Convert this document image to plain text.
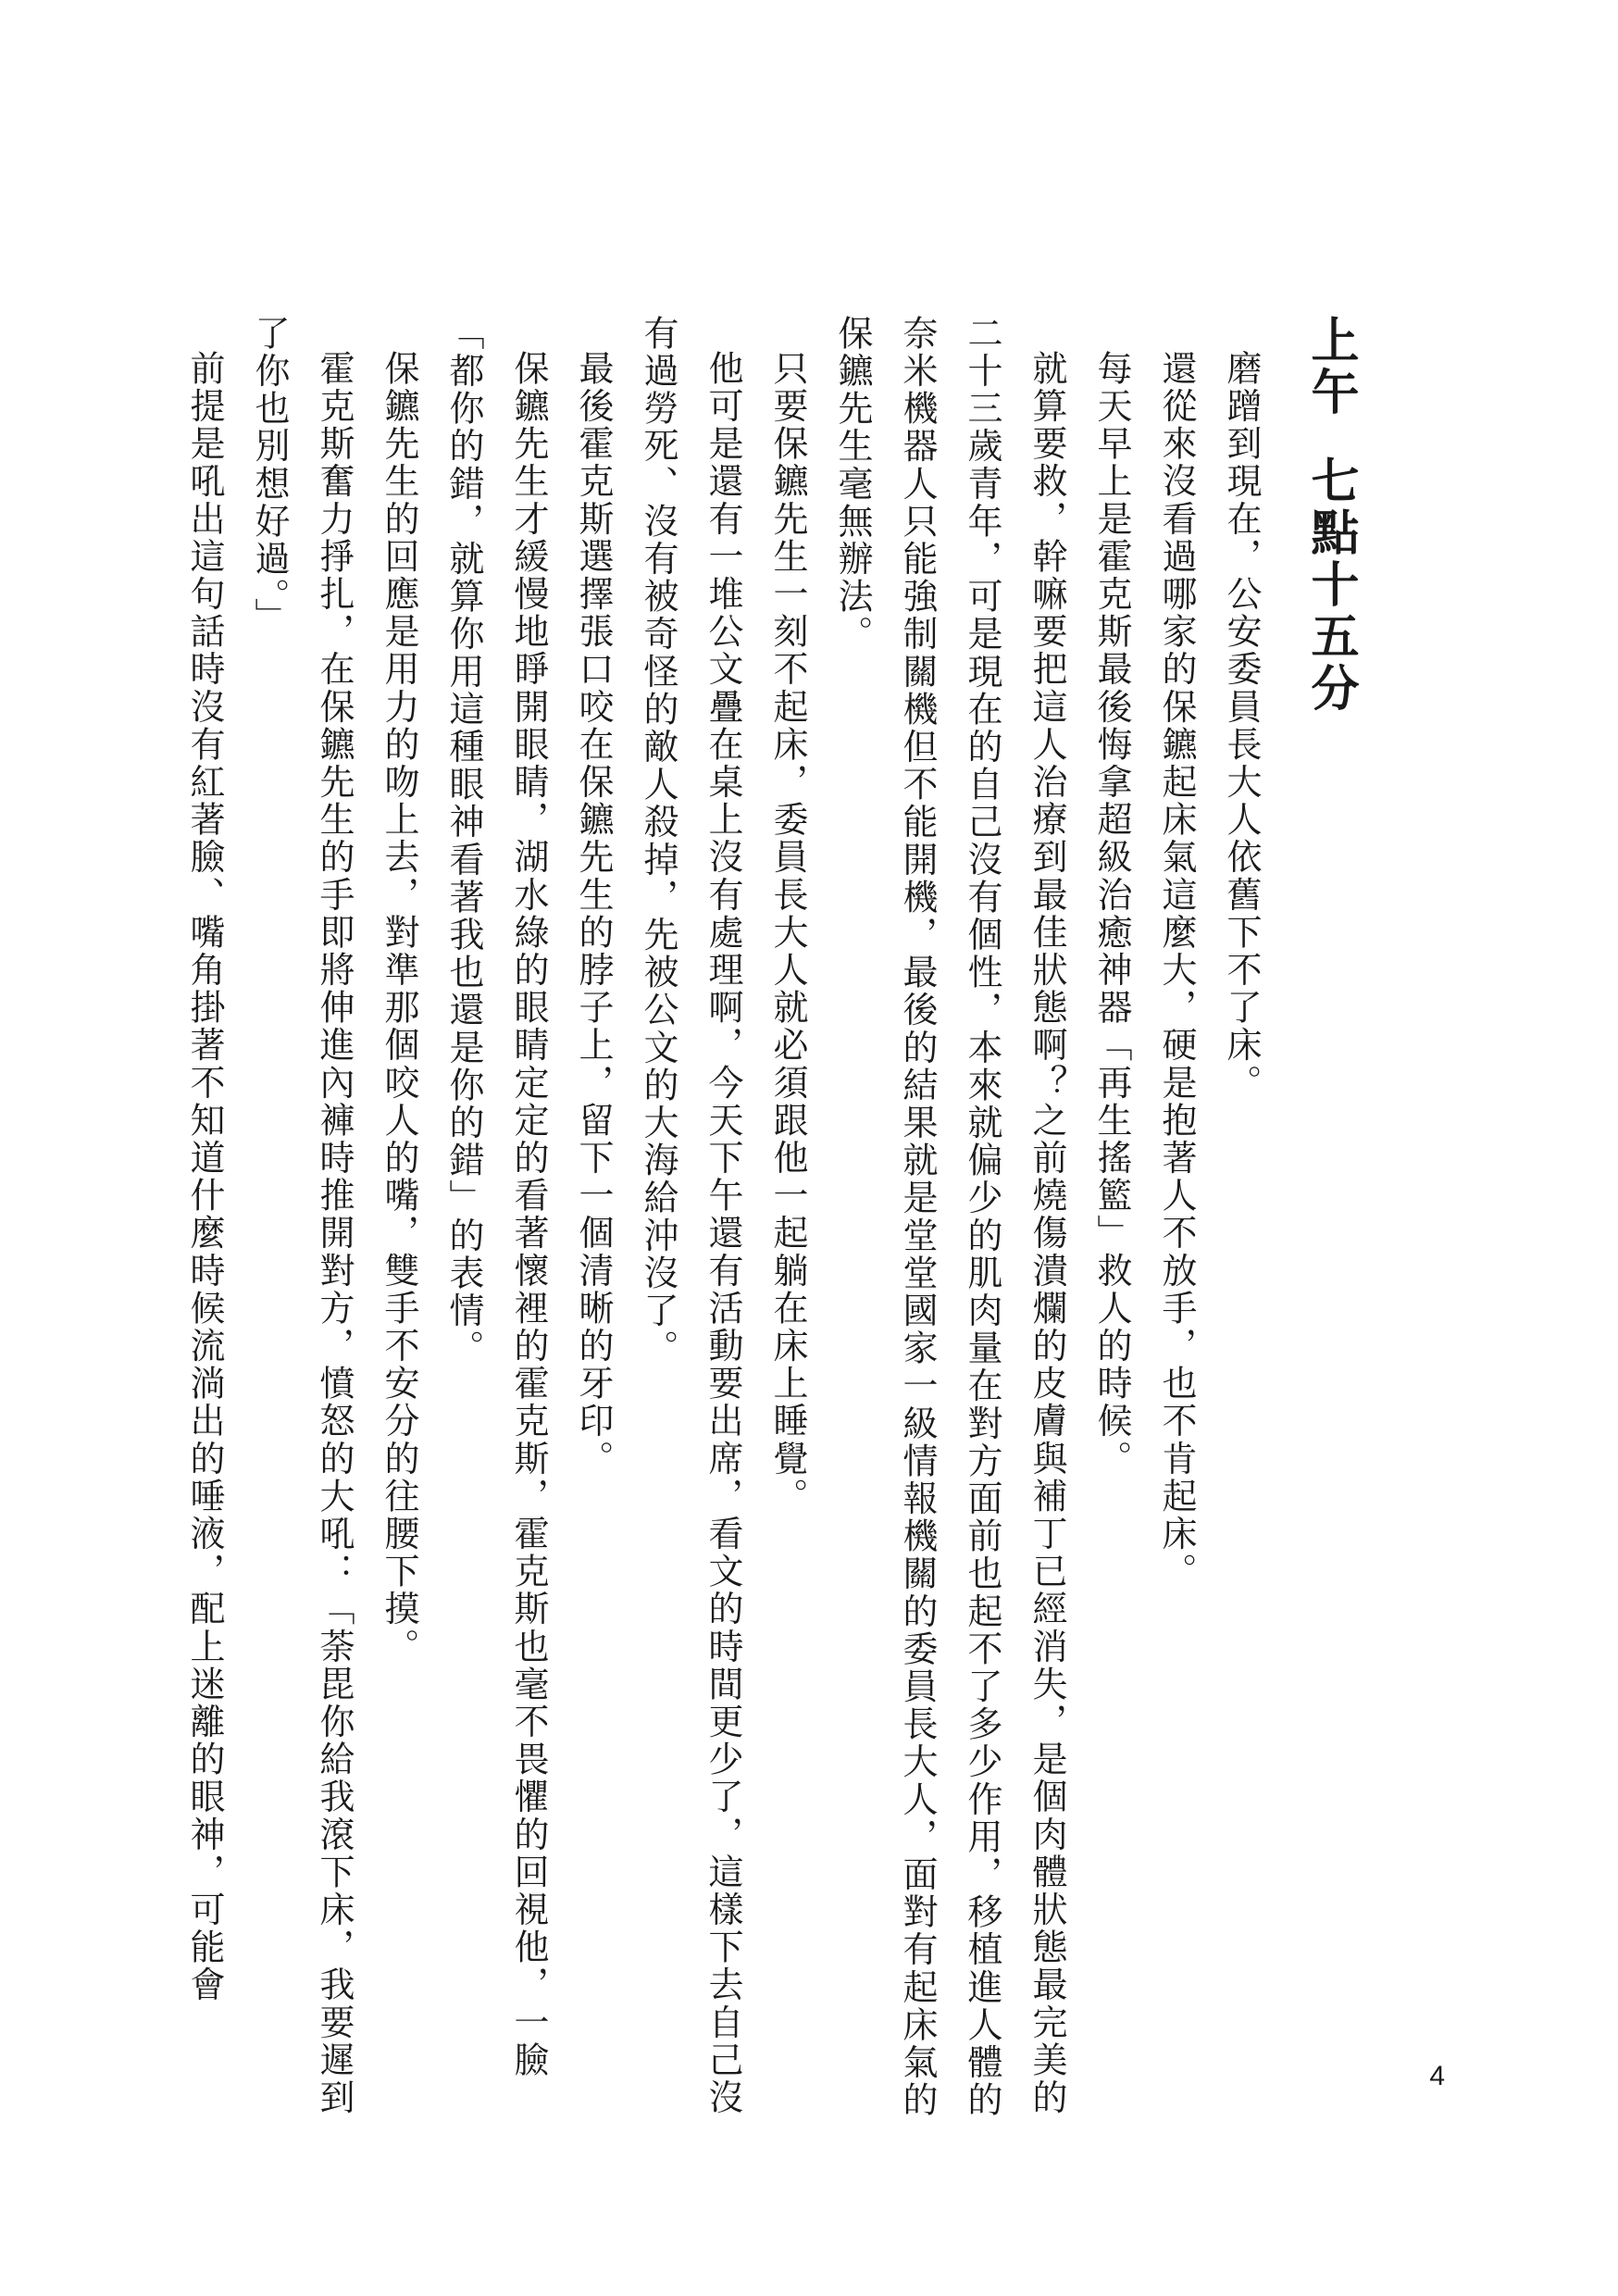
上午七點十五分

磨蹭到現在，公安委員長大人依舊下不了床。

還從來沒看過哪家的保鑣起床氣這麼大，硬是抱著人不放手，也不肯起床。

每天早上是霍克斯最後悔拿超級治癒神器「再生搖籃」救人的時候。

就算要救，幹嘛要把這人治療到最佳狀態啊？之前燒傷潰爛的皮膚與補丁已經消失，是個肉體狀態最完美的二十三歲青年，可是現在的自己沒有個性，本來就偏少的肌肉量在對方面前也起不了多少作用，移植進人體的奈米機器人只能強制關機但不能開機，最後的結果就是堂堂國家一級情報機關的委員長大人，面對有起床氣的保鑣先生毫無辦法。

只要保鑣先生一刻不起床，委員長大人就必須跟他一起躺在床上睡覺。

他可是還有一堆公文疊在桌上沒有處理啊，今天下午還有活動要出席，看文的時間更少了，這樣下去自己沒有過勞死、沒有被奇怪的敵人殺掉，先被公文的大海給沖沒了。

最後霍克斯選擇張口咬在保鑣先生的脖子上，留下一個清晰的牙印。

保鑣先生才緩慢地睜開眼睛，湖水綠的眼睛定定的看著懷裡的霍克斯，霍克斯也毫不畏懼的回視他，一臉「都你的錯，就算你用這種眼神看著我也還是你的錯」的表情。

保鑣先生的回應是用力的吻上去，對準那個咬人的嘴，雙手不安分的往腰下摸。

霍克斯奮力掙扎，在保鑣先生的手即將伸進內褲時推開對方，憤怒的大吼：「荼毘你給我滾下床，我要遲到了你也別想好過。」

前提是吼出這句話時沒有紅著臉、嘴角掛著不知道什麼時候流淌出的唾液，配上迷離的眼神，可能會

4
